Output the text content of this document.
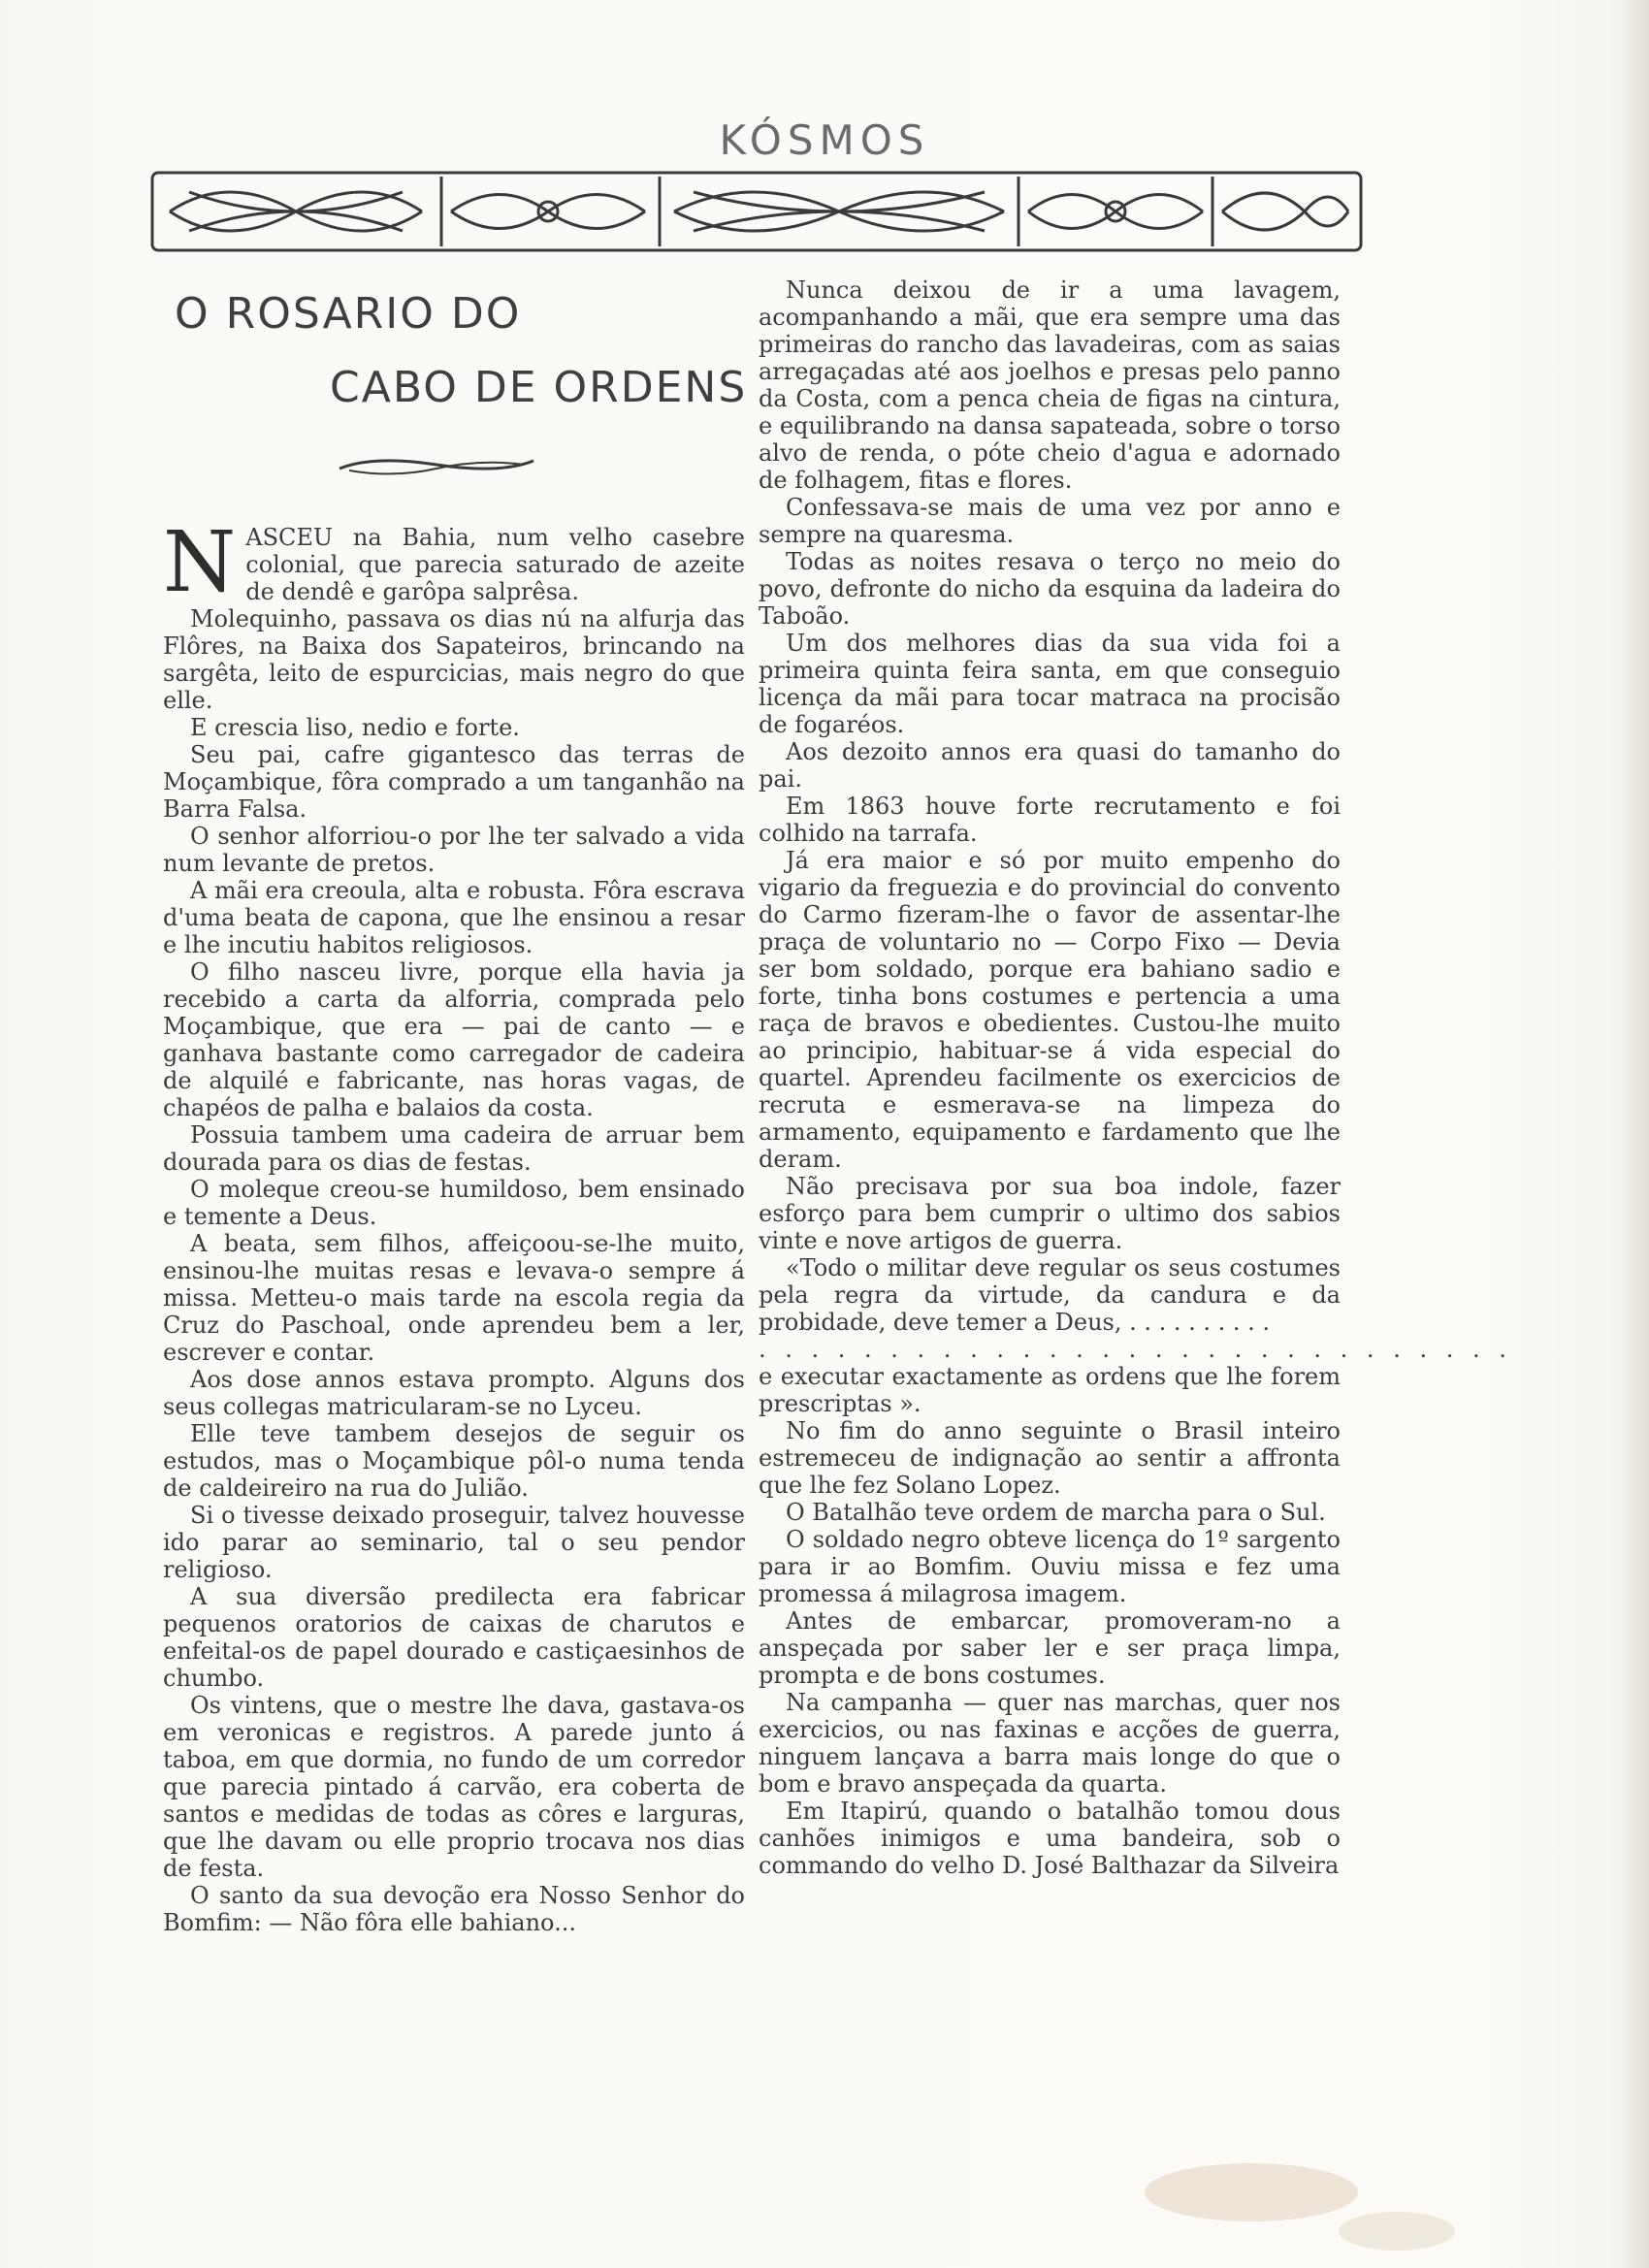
KÓSMOS
O ROSARIO DO
CABO DE ORDENS

NASCEU na Bahia, num velho casebre colonial, que parecia saturado de azeite de dendê e garôpa salprêsa.

Molequinho, passava os dias nú na alfurja das Flôres, na Baixa dos Sapateiros, brincando na sargêta, leito de espurcicias, mais negro do que elle.

E crescia liso, nedio e forte.

Seu pai, cafre gigantesco das terras de Moçambique, fôra comprado a um tanganhão na Barra Falsa.

O senhor alforriou-o por lhe ter salvado a vida num levante de pretos.

A mãi era creoula, alta e robusta. Fôra escrava d'uma beata de capona, que lhe ensinou a resar e lhe incutiu habitos religiosos.

O filho nasceu livre, porque ella havia ja recebido a carta da alforria, comprada pelo Moçambique, que era — pai de canto — e ganhava bastante como carregador de cadeira de alquilé e fabricante, nas horas vagas, de chapéos de palha e balaios da costa.

Possuia tambem uma cadeira de arruar bem dourada para os dias de festas.

O moleque creou-se humildoso, bem ensinado e temente a Deus.

A beata, sem filhos, affeiçoou-se-lhe muito, ensinou-lhe muitas resas e levava-o sempre á missa. Metteu-o mais tarde na escola regia da Cruz do Paschoal, onde aprendeu bem a ler, escrever e contar.

Aos dose annos estava prompto. Alguns dos seus collegas matricularam-se no Lyceu.

Elle teve tambem desejos de seguir os estudos, mas o Moçambique pôl-o numa tenda de caldeireiro na rua do Julião.

Si o tivesse deixado proseguir, talvez houvesse ido parar ao seminario, tal o seu pendor religioso.

A sua diversão predilecta era fabricar pequenos oratorios de caixas de charutos e enfeital-os de papel dourado e castiçaesinhos de chumbo.

Os vintens, que o mestre lhe dava, gastava-os em veronicas e registros. A parede junto á taboa, em que dormia, no fundo de um corredor que parecia pintado á carvão, era coberta de santos e medidas de todas as côres e larguras, que lhe davam ou elle proprio trocava nos dias de festa.

O santo da sua devoção era Nosso Senhor do Bomfim: — Não fôra elle bahiano...

Nunca deixou de ir a uma lavagem, acompanhando a mãi, que era sempre uma das primeiras do rancho das lavadeiras, com as saias arregaçadas até aos joelhos e presas pelo panno da Costa, com a penca cheia de figas na cintura, e equilibrando na dansa sapateada, sobre o torso alvo de renda, o póte cheio d'agua e adornado de folhagem, fitas e flores.

Confessava-se mais de uma vez por anno e sempre na quaresma.

Todas as noites resava o terço no meio do povo, defronte do nicho da esquina da ladeira do Taboão.

Um dos melhores dias da sua vida foi a primeira quinta feira santa, em que conseguio licença da mãi para tocar matraca na procisão de fogaréos.

Aos dezoito annos era quasi do tamanho do pai.

Em 1863 houve forte recrutamento e foi colhido na tarrafa.

Já era maior e só por muito empenho do vigario da freguezia e do provincial do convento do Carmo fizeram-lhe o favor de assentar-lhe praça de voluntario no — Corpo Fixo — Devia ser bom soldado, porque era bahiano sadio e forte, tinha bons costumes e pertencia a uma raça de bravos e obedientes. Custou-lhe muito ao principio, habituar-se á vida especial do quartel. Aprendeu facilmente os exercicios de recruta e esmerava-se na limpeza do armamento, equipamento e fardamento que lhe deram.

Não precisava por sua boa indole, fazer esforço para bem cumprir o ultimo dos sabios vinte e nove artigos de guerra.

«Todo o militar deve regular os seus costumes pela regra da virtude, da candura e da probidade, deve temer a Deus, . . . . . . . . . .

. . . . . . . . . . . . . . . . . . . . . . . . . . . . .

e executar exactamente as ordens que lhe forem prescriptas ».

No fim do anno seguinte o Brasil inteiro estremeceu de indignação ao sentir a affronta que lhe fez Solano Lopez.

O Batalhão teve ordem de marcha para o Sul.

O soldado negro obteve licença do 1º sargento para ir ao Bomfim. Ouviu missa e fez uma promessa á milagrosa imagem.

Antes de embarcar, promoveram-no a anspeçada por saber ler e ser praça limpa, prompta e de bons costumes.

Na campanha — quer nas marchas, quer nos exercicios, ou nas faxinas e acções de guerra, ninguem lançava a barra mais longe do que o bom e bravo anspeçada da quarta.

Em Itapirú, quando o batalhão tomou dous canhões inimigos e uma bandeira, sob o commando do velho D. José Balthazar da Silveira
